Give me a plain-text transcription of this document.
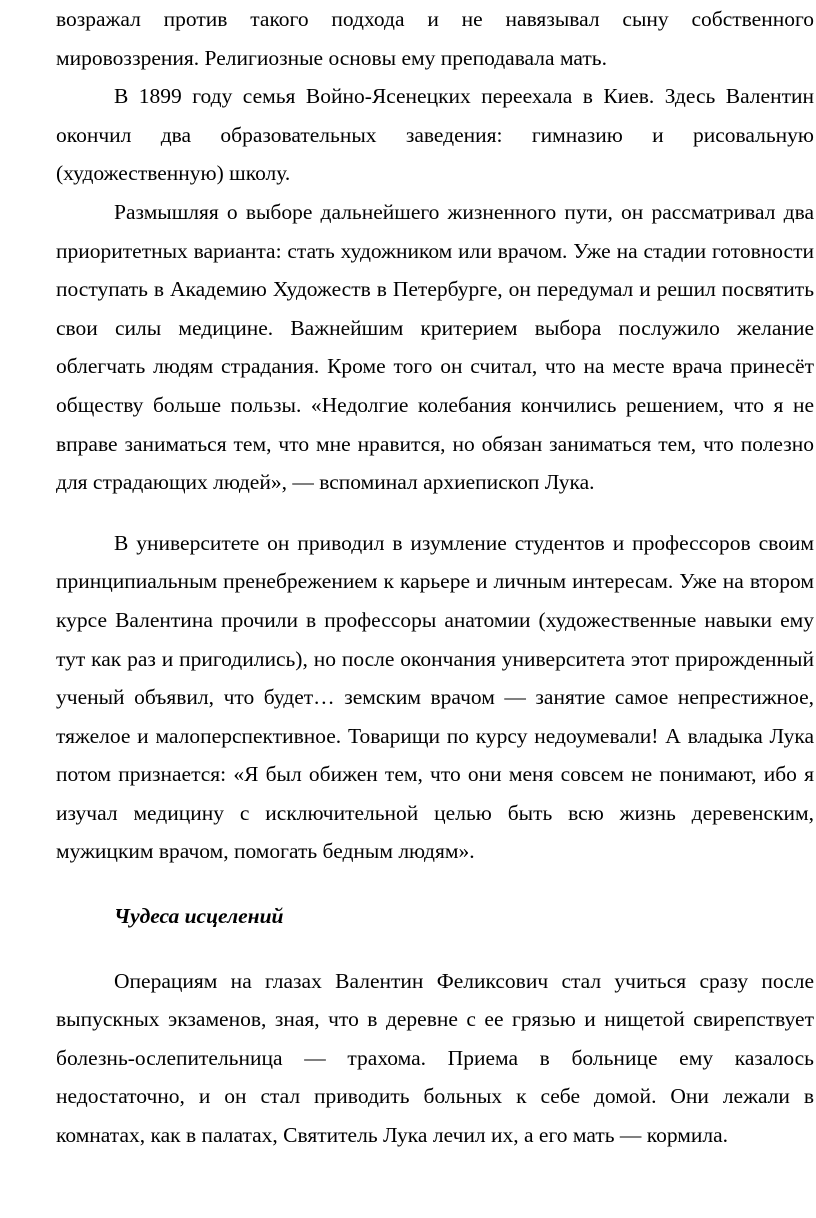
возражал против такого подхода и не навязывал сыну собственного мировоззрения. Религиозные основы ему преподавала мать.

В 1899 году семья Войно-Ясенецких переехала в Киев. Здесь Валентин окончил два образовательных заведения: гимназию и рисовальную (художественную) школу.

Размышляя о выборе дальнейшего жизненного пути, он рассматривал два приоритетных варианта: стать художником или врачом. Уже на стадии готовности поступать в Академию Художеств в Петербурге, он передумал и решил посвятить свои силы медицине. Важнейшим критерием выбора послужило желание облегчать людям страдания. Кроме того он считал, что на месте врача принесёт обществу больше пользы. «Недолгие колебания кончились решением, что я не вправе заниматься тем, что мне нравится, но обязан заниматься тем, что полезно для страдающих людей», — вспоминал архиепископ Лука.

В университете он приводил в изумление студентов и профессоров своим принципиальным пренебрежением к карьере и личным интересам. Уже на втором курсе Валентина прочили в профессоры анатомии (художественные навыки ему тут как раз и пригодились), но после окончания университета этот прирожденный ученый объявил, что будет… земским врачом — занятие самое непрестижное, тяжелое и малоперспективное. Товарищи по курсу недоумевали! А владыка Лука потом признается: «Я был обижен тем, что они меня совсем не понимают, ибо я изучал медицину с исключительной целью быть всю жизнь деревенским, мужицким врачом, помогать бедным людям».

Чудеса исцелений

Операциям на глазах Валентин Феликсович стал учиться сразу после выпускных экзаменов, зная, что в деревне с ее грязью и нищетой свирепствует болезнь-ослепительница — трахома. Приема в больнице ему казалось недостаточно, и он стал приводить больных к себе домой. Они лежали в комнатах, как в палатах, Святитель Лука лечил их, а его мать — кормила.
